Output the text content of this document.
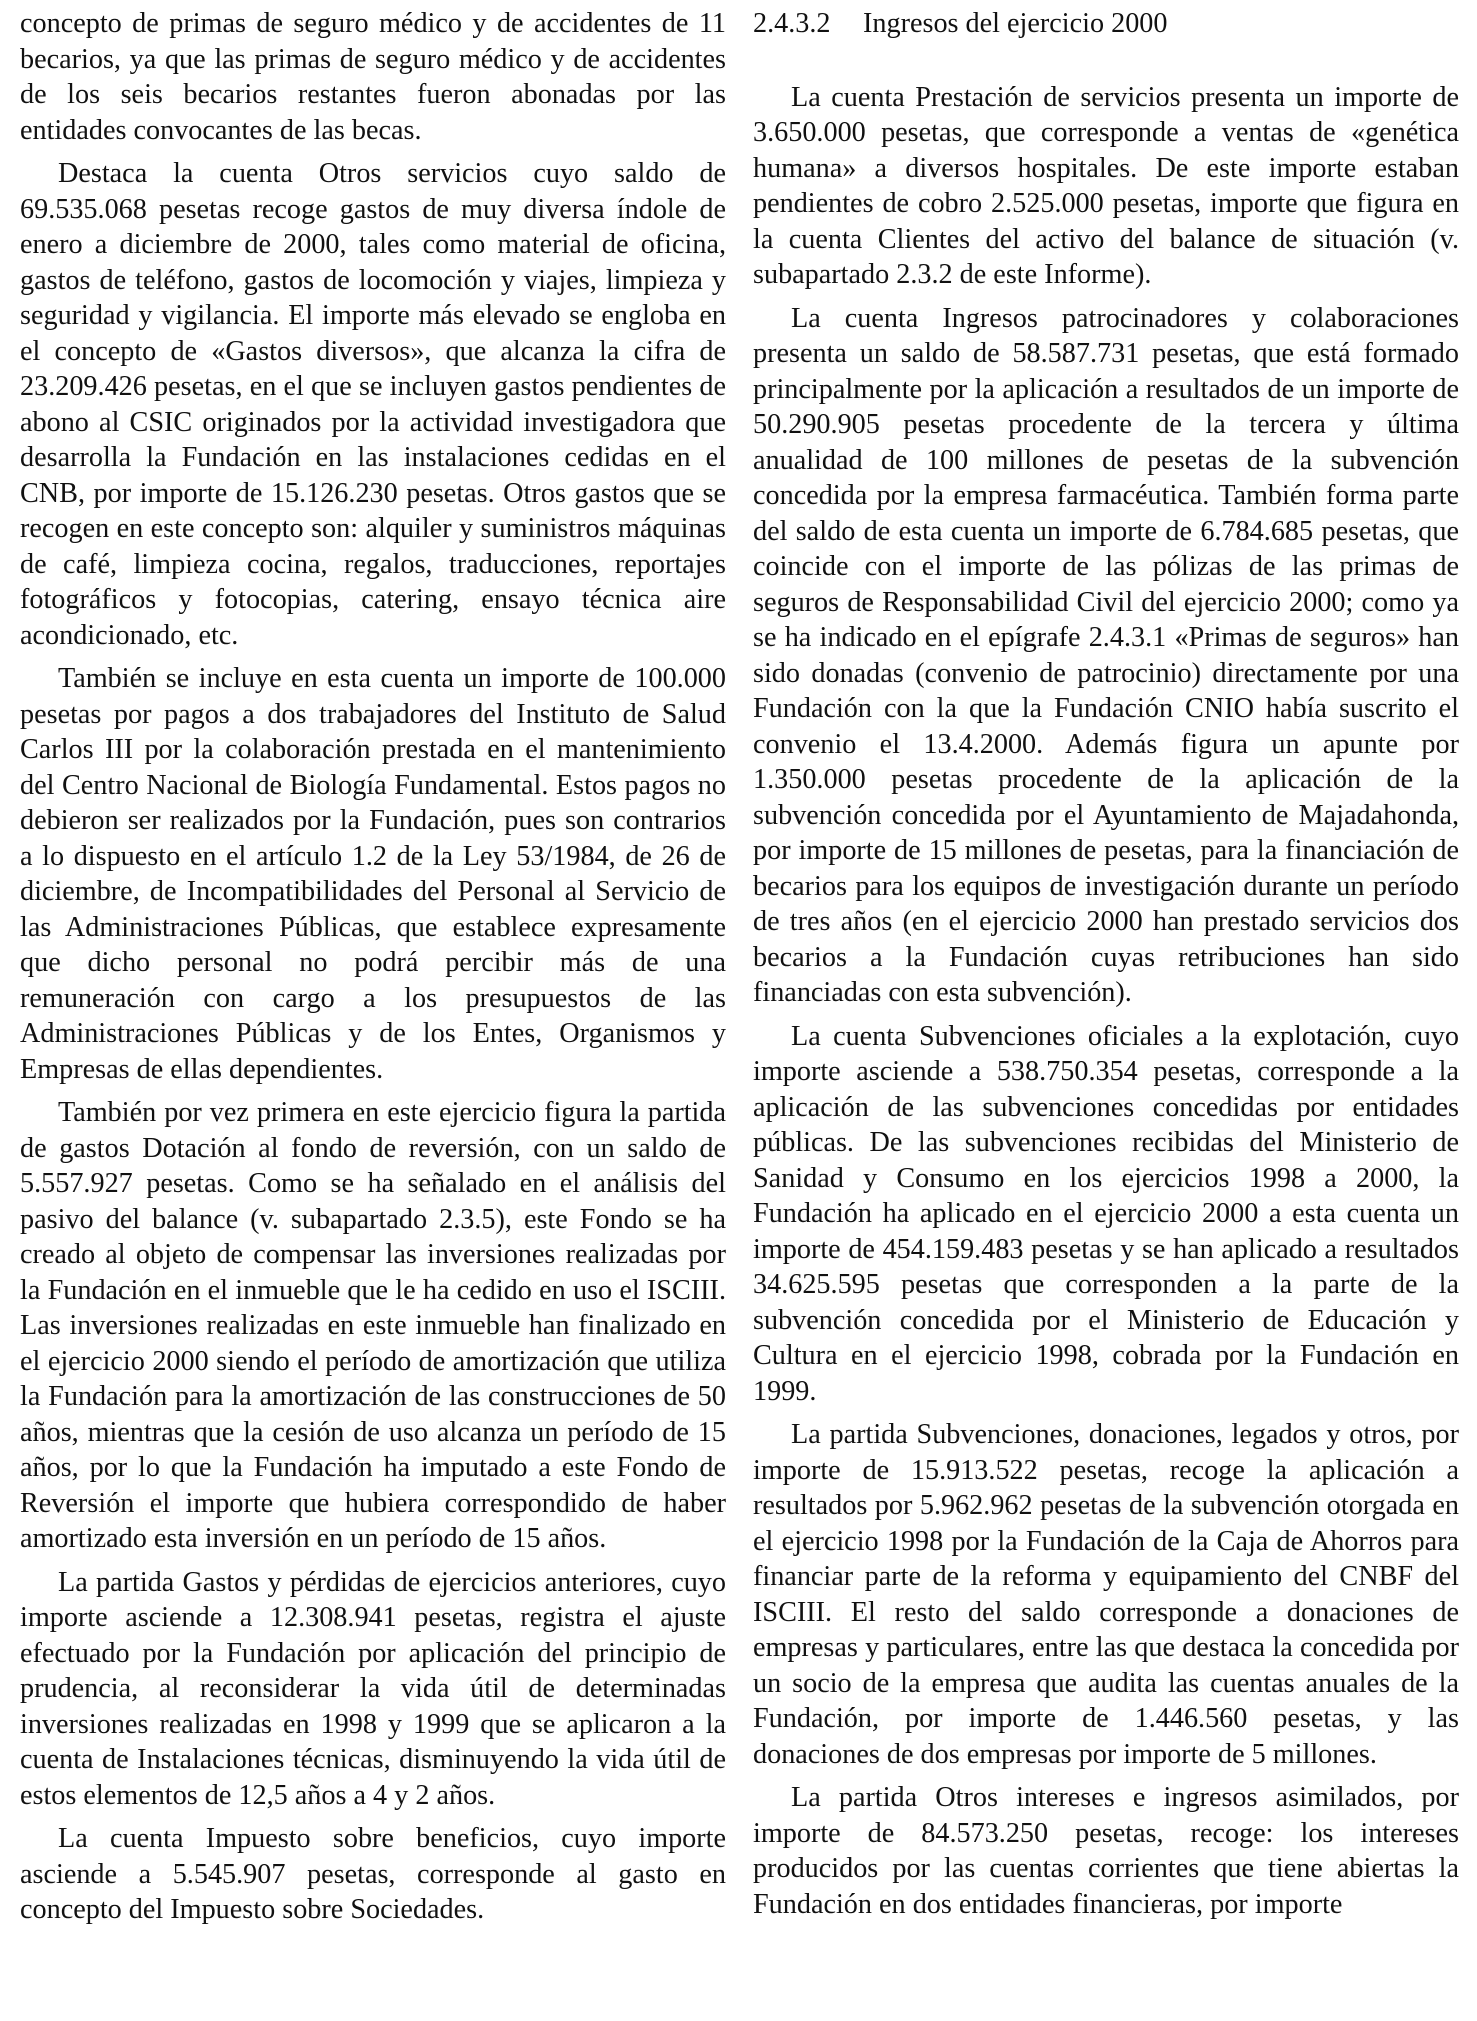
concepto de primas de seguro médico y de accidentes de 11 becarios, ya que las primas de seguro médico y de accidentes de los seis becarios restantes fueron abonadas por las entidades convocantes de las becas.

Destaca la cuenta Otros servicios cuyo saldo de 69.535.068 pesetas recoge gastos de muy diversa índole de enero a diciembre de 2000, tales como material de oficina, gastos de teléfono, gastos de locomoción y viajes, limpieza y seguridad y vigilancia. El importe más elevado se engloba en el concepto de «Gastos diversos», que alcanza la cifra de 23.209.426 pesetas, en el que se incluyen gastos pendientes de abono al CSIC originados por la actividad investigadora que desarrolla la Fundación en las instalaciones cedidas en el CNB, por importe de 15.126.230 pesetas. Otros gastos que se recogen en este concepto son: alquiler y suministros máquinas de café, limpieza cocina, regalos, traducciones, reportajes fotográficos y fotocopias, catering, ensayo técnica aire acondicionado, etc.

También se incluye en esta cuenta un importe de 100.000 pesetas por pagos a dos trabajadores del Instituto de Salud Carlos III por la colaboración prestada en el mantenimiento del Centro Nacional de Biología Fundamental. Estos pagos no debieron ser realizados por la Fundación, pues son contrarios a lo dispuesto en el artículo 1.2 de la Ley 53/1984, de 26 de diciembre, de Incompatibilidades del Personal al Servicio de las Administraciones Públicas, que establece expresamente que dicho personal no podrá percibir más de una remuneración con cargo a los presupuestos de las Administraciones Públicas y de los Entes, Organismos y Empresas de ellas dependientes.

También por vez primera en este ejercicio figura la partida de gastos Dotación al fondo de reversión, con un saldo de 5.557.927 pesetas. Como se ha señalado en el análisis del pasivo del balance (v. subapartado 2.3.5), este Fondo se ha creado al objeto de compensar las inversiones realizadas por la Fundación en el inmueble que le ha cedido en uso el ISCIII. Las inversiones realizadas en este inmueble han finalizado en el ejercicio 2000 siendo el período de amortización que utiliza la Fundación para la amortización de las construcciones de 50 años, mientras que la cesión de uso alcanza un período de 15 años, por lo que la Fundación ha imputado a este Fondo de Reversión el importe que hubiera correspondido de haber amortizado esta inversión en un período de 15 años.

La partida Gastos y pérdidas de ejercicios anteriores, cuyo importe asciende a 12.308.941 pesetas, registra el ajuste efectuado por la Fundación por aplicación del principio de prudencia, al reconsiderar la vida útil de determinadas inversiones realizadas en 1998 y 1999 que se aplicaron a la cuenta de Instalaciones técnicas, disminuyendo la vida útil de estos elementos de 12,5 años a 4 y 2 años.

La cuenta Impuesto sobre beneficios, cuyo importe asciende a 5.545.907 pesetas, corresponde al gasto en concepto del Impuesto sobre Sociedades.

2.4.3.2 Ingresos del ejercicio 2000

La cuenta Prestación de servicios presenta un importe de 3.650.000 pesetas, que corresponde a ventas de «genética humana» a diversos hospitales. De este importe estaban pendientes de cobro 2.525.000 pesetas, importe que figura en la cuenta Clientes del activo del balance de situación (v. subapartado 2.3.2 de este Informe).

La cuenta Ingresos patrocinadores y colaboraciones presenta un saldo de 58.587.731 pesetas, que está formado principalmente por la aplicación a resultados de un importe de 50.290.905 pesetas procedente de la tercera y última anualidad de 100 millones de pesetas de la subvención concedida por la empresa farmacéutica. También forma parte del saldo de esta cuenta un importe de 6.784.685 pesetas, que coincide con el importe de las pólizas de las primas de seguros de Responsabilidad Civil del ejercicio 2000; como ya se ha indicado en el epígrafe 2.4.3.1 «Primas de seguros» han sido donadas (convenio de patrocinio) directamente por una Fundación con la que la Fundación CNIO había suscrito el convenio el 13.4.2000. Además figura un apunte por 1.350.000 pesetas procedente de la aplicación de la subvención concedida por el Ayuntamiento de Majadahonda, por importe de 15 millones de pesetas, para la financiación de becarios para los equipos de investigación durante un período de tres años (en el ejercicio 2000 han prestado servicios dos becarios a la Fundación cuyas retribuciones han sido financiadas con esta subvención).

La cuenta Subvenciones oficiales a la explotación, cuyo importe asciende a 538.750.354 pesetas, corresponde a la aplicación de las subvenciones concedidas por entidades públicas. De las subvenciones recibidas del Ministerio de Sanidad y Consumo en los ejercicios 1998 a 2000, la Fundación ha aplicado en el ejercicio 2000 a esta cuenta un importe de 454.159.483 pesetas y se han aplicado a resultados 34.625.595 pesetas que corresponden a la parte de la subvención concedida por el Ministerio de Educación y Cultura en el ejercicio 1998, cobrada por la Fundación en 1999.

La partida Subvenciones, donaciones, legados y otros, por importe de 15.913.522 pesetas, recoge la aplicación a resultados por 5.962.962 pesetas de la subvención otorgada en el ejercicio 1998 por la Fundación de la Caja de Ahorros para financiar parte de la reforma y equipamiento del CNBF del ISCIII. El resto del saldo corresponde a donaciones de empresas y particulares, entre las que destaca la concedida por un socio de la empresa que audita las cuentas anuales de la Fundación, por importe de 1.446.560 pesetas, y las donaciones de dos empresas por importe de 5 millones.

La partida Otros intereses e ingresos asimilados, por importe de 84.573.250 pesetas, recoge: los intereses producidos por las cuentas corrientes que tiene abiertas la Fundación en dos entidades financieras, por importe
